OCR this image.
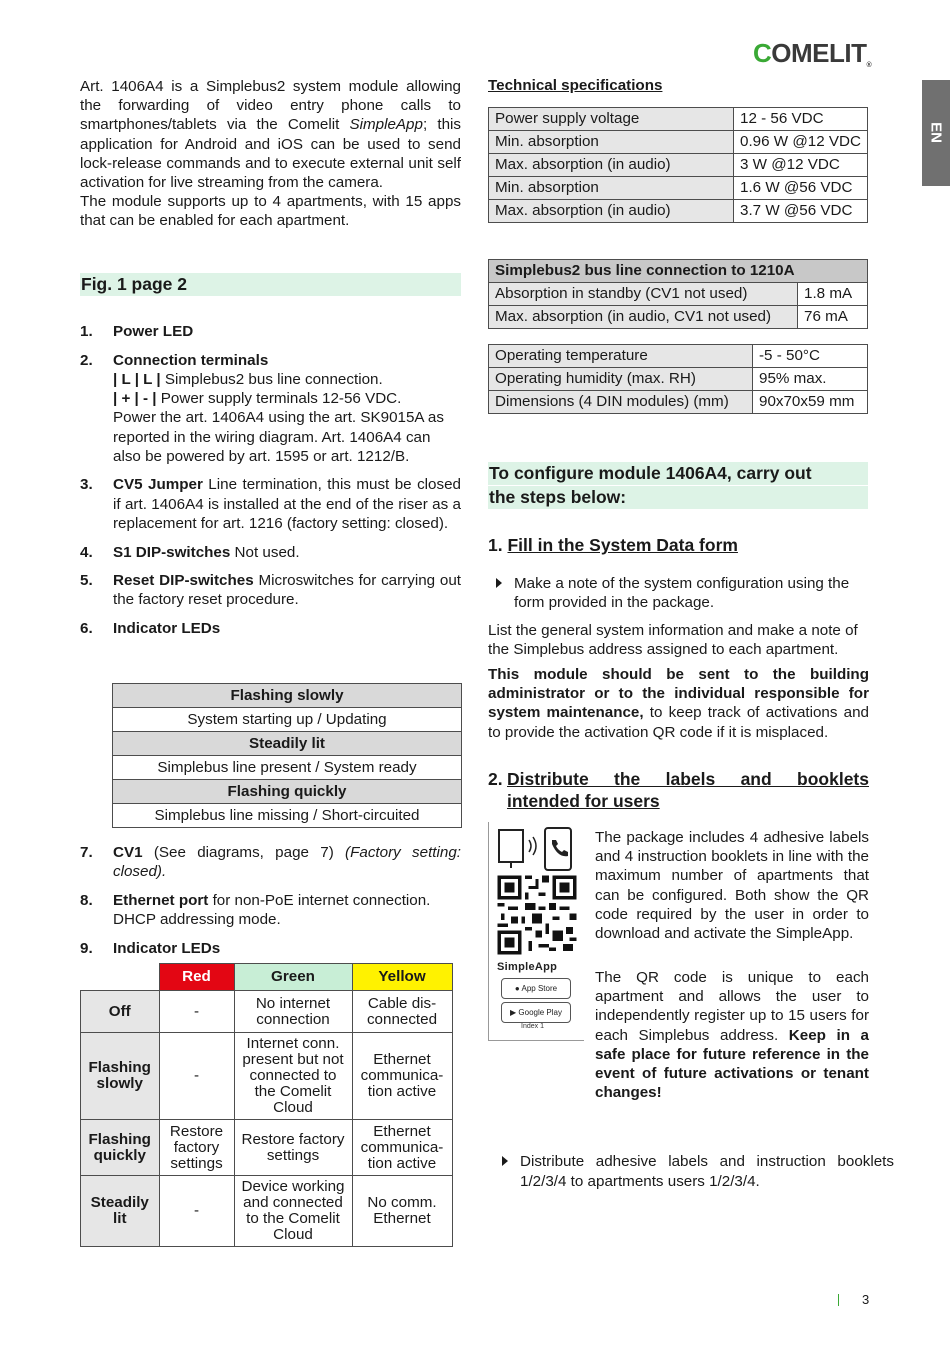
COMELIT®
EN

Art. 1406A4 is a Simplebus2 system module allowing the forwarding of video entry phone calls to smartphones/tablets via the Comelit SimpleApp; this application for Android and iOS can be used to send lock-release commands and to execute external unit self activation for live streaming from the camera.

The module supports up to 4 apartments, with 15 apps that can be enabled for each apartment.

Fig. 1 page 2
1. Power LED
2. Connection terminals
| L | L | Simplebus2 bus line connection.
| + | - | Power supply terminals 12-56 VDC.
Power the art. 1406A4 using the art. SK9015A as reported in the wiring diagram. Art. 1406A4 can also be powered by art. 1595 or art. 1212/B.
3. CV5 Jumper Line termination, this must be closed if art. 1406A4 is installed at the end of the riser as a replacement for art. 1216 (factory setting: closed).
4. S1 DIP-switches Not used.
5. Reset DIP-switches Microswitches for carrying out the factory reset procedure.
6. Indicator LEDs
Flashing slowly
System starting up / Updating
Steadily lit
Simplebus line present / System ready
Flashing quickly
Simplebus line missing / Short-circuited
7. CV1 (See diagrams, page 7) (Factory setting: closed).
8. Ethernet port for non-PoE internet connection. DHCP addressing mode.
9. Indicator LEDs
	Red	Green	Yellow
Off	-	No internet connection	Cable dis-connected
Flashing slowly	-	Internet conn. present but not connected to the Comelit Cloud	Ethernet communica-tion active
Flashing quickly	Restore factory settings	Restore factory settings	Ethernet communica-tion active
Steadily lit	-	Device working and connected to the Comelit Cloud	No comm. Ethernet
Technical specifications
Power supply voltage	12 - 56 VDC
Min. absorption	0.96 W @12 VDC
Max. absorption (in audio)	3 W @12 VDC
Min. absorption	1.6 W @56 VDC
Max. absorption (in audio)	3.7 W @56 VDC
Simplebus2 bus line connection to 1210A	
Absorption in standby (CV1 not used)	1.8 mA
Max. absorption (in audio, CV1 not used)	76 mA
Operating temperature	-5 - 50°C
Operating humidity (max. RH)	95% max.
Dimensions (4 DIN modules) (mm)	90x70x59 mm
To configure module 1406A4, carry out
the steps below:
1. Fill in the System Data form
Make a note of the system configuration using the form provided in the package.
List the general system information and make a note of the Simplebus address assigned to each apartment.
This module should be sent to the building administrator or to the individual responsible for system maintenance, to keep track of activations and to provide the activation QR code if it is misplaced.
2. Distribute the labels and booklets
intended for users
SimpleApp
● App Store
▶ Google Play
Index 1
The package includes 4 adhesive labels and 4 instruction booklets in line with the maximum number of apartments that can be configured. Both show the QR code required by the user in order to download and activate the SimpleApp.
The QR code is unique to each apartment and allows the user to independently register up to 15 users for each Simplebus address. Keep in a safe place for future reference in the event of future activations or tenant changes!
Distribute adhesive labels and instruction booklets 1/2/3/4 to apartments users 1/2/3/4.
3
